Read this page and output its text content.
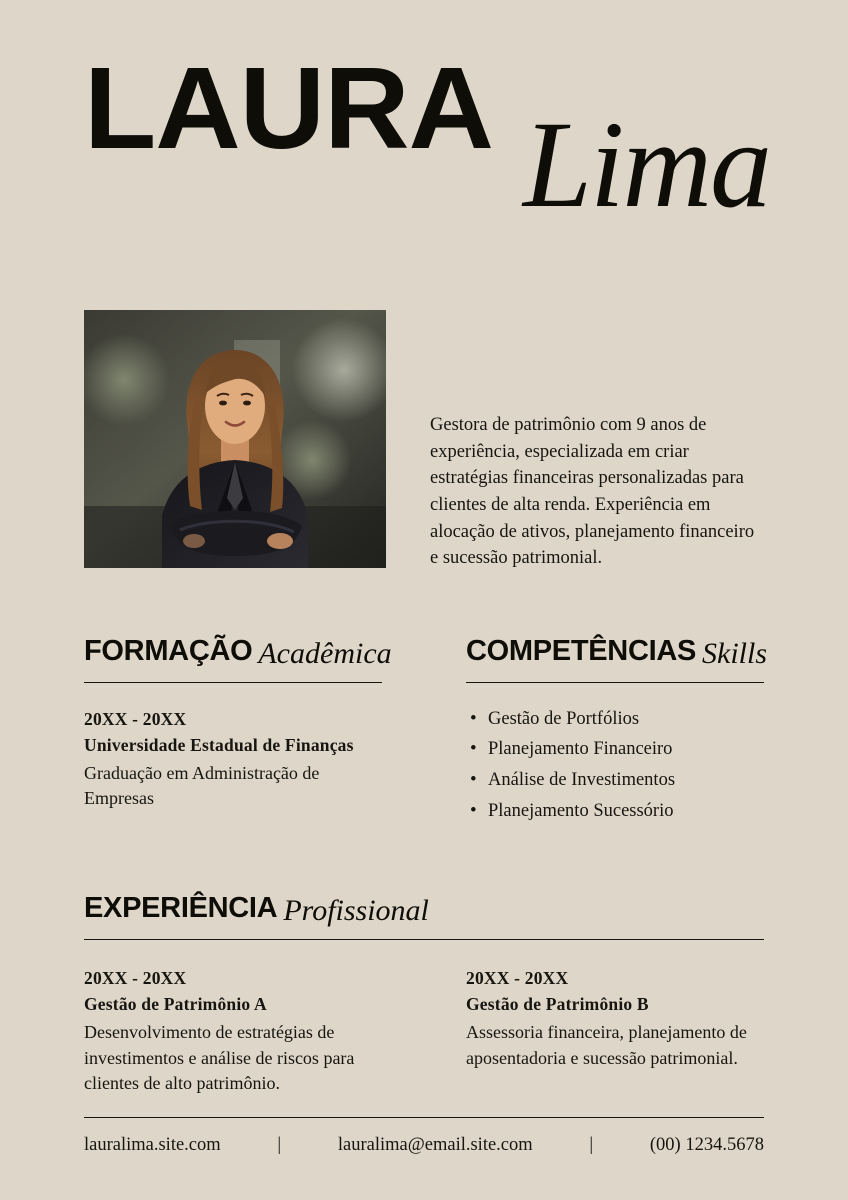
LAURA Lima
Gestora de patrimônio com 9 anos de experiência, especializada em criar estratégias financeiras personalizadas para clientes de alta renda. Experiência em alocação de ativos, planejamento financeiro e sucessão patrimonial.
FORMAÇÃO Acadêmica
20XX - 20XX
Universidade Estadual de Finanças
Graduação em Administração de Empresas
COMPETÊNCIAS Skills
• Gestão de Portfólios
• Planejamento Financeiro
• Análise de Investimentos
• Planejamento Sucessório
EXPERIÊNCIA Profissional
20XX - 20XX
Gestão de Patrimônio A
Desenvolvimento de estratégias de investimentos e análise de riscos para clientes de alto patrimônio.
20XX - 20XX
Gestão de Patrimônio B
Assessoria financeira, planejamento de aposentadoria e sucessão patrimonial.
lauralima.site.com	|	lauralima@email.site.com	|	(00) 1234.5678
